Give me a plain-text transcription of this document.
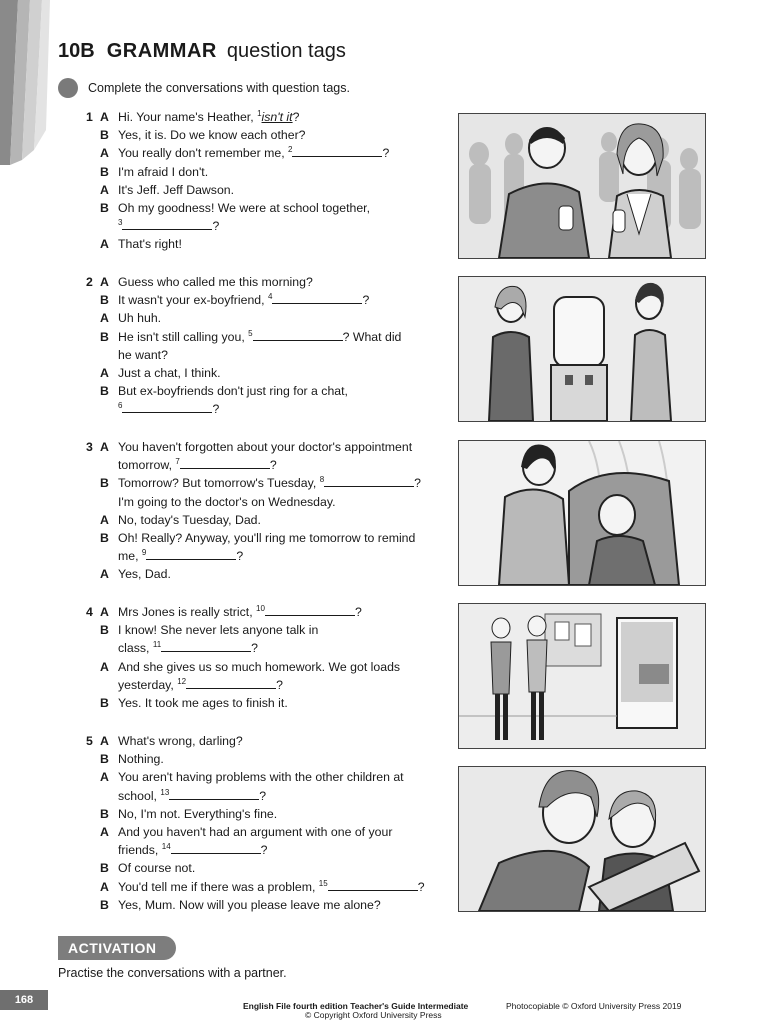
10B GRAMMAR question tags
Complete the conversations with question tags.
1 A Hi. Your name's Heather, $^1$isn't it?
B Yes, it is. Do we know each other?
A You really don't remember me, $^2$	?
B I'm afraid I don't.
A It's Jeff. Jeff Dawson.
B Oh my goodness! We were at school together,
$^3$	?
A That's right!
2 A Guess who called me this morning?
B It wasn't your ex-boyfriend, $^4$	?
A Uh huh.
B He isn't still calling you, $^5$	? What did
he want?
A Just a chat, I think.
B But ex-boyfriends don't just ring for a chat,
$^6$	?
3 A You haven't forgotten about your doctor's appointment
tomorrow, $^7$	?
B Tomorrow? But tomorrow's Tuesday, $^8$	?
I'm going to the doctor's on Wednesday.
A No, today's Tuesday, Dad.
B Oh! Really? Anyway, you'll ring me tomorrow to remind
me, $^9$	?
A Yes, Dad.
4 A Mrs Jones is really strict, $^{10}$	?
B I know! She never lets anyone talk in
class, $^{11}$	?
A And she gives us so much homework. We got loads
yesterday, $^{12}$	?
B Yes. It took me ages to finish it.
5 A What's wrong, darling?
B Nothing.
A You aren't having problems with the other children at
school, $^{13}$	?
B No, I'm not. Everything's fine.
A And you haven't had an argument with one of your
friends, $^{14}$	?
B Of course not.
A You'd tell me if there was a problem, $^{15}$	?
B Yes, Mum. Now will you please leave me alone?
ACTIVATION
Practise the conversations with a partner.
168	English File fourth edition Teacher's Guide Intermediate	Photocopiable © Oxford University Press 2019
© Copyright Oxford University Press
